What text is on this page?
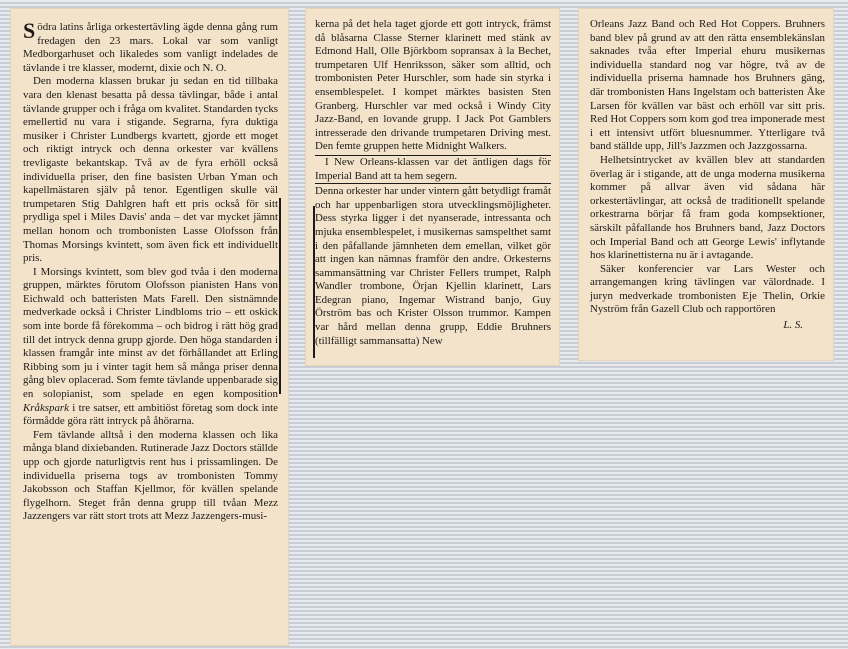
Södra latins årliga orkestertävling ägde denna gång rum fredagen den 23 mars. Lokal var som vanligt Medborgarhuset och likaledes som vanligt indelades de tävlande i tre klasser, modernt, dixie och N. O.

Den moderna klassen brukar ju sedan en tid tillbaka vara den klenast besatta på dessa tävlingar, både i antal tävlande grupper och i fråga om kvalitet. Standarden tycks emellertid nu vara i stigande. Segrarna, fyra duktiga musiker i Christer Lundbergs kvartett, gjorde ett moget och riktigt intryck och denna orkester var kvällens trevligaste bekantskap. Två av de fyra erhöll också individuella priser, den fine basisten Urban Yman och kapellmästaren själv på tenor. Egentligen skulle väl trumpetaren Stig Dahlgren haft ett pris också för sitt prydliga spel i Miles Davis' anda – det var mycket jämnt mellan honom och trombonisten Lasse Olofsson från Thomas Morsings kvintett, som även fick ett individuellt pris.

I Morsings kvintett, som blev god tvåa i den moderna gruppen, märktes förutom Olofsson pianisten Hans von Eichwald och batteristen Mats Farell. Den sistnämnde medverkade också i Christer Lindbloms trio – ett oskick som inte borde få förekomma – och bidrog i rätt hög grad till det intryck denna grupp gjorde. Den höga standarden i klassen framgår inte minst av det förhållandet att Erling Ribbing som ju i vinter tagit hem så många priser denna gång blev oplacerad. Som femte tävlande uppenbarade sig en solopianist, som spelade en egen komposition Kråkspark i tre satser, ett ambitiöst företag som dock inte förmådde göra rätt intryck på åhörarna.

Fem tävlande alltså i den moderna klassen och lika många bland dixiebanden. Rutinerade Jazz Doctors ställde upp och gjorde naturligtvis rent hus i prissamlingen. De individuella priserna togs av trombonisten Tommy Jakobsson och Staffan Kjellmor, för kvällen spelande flygelhorn. Steget från denna grupp till tvåan Mezz Jazzengers var rätt stort trots att Mezz Jazzengers-musi-

kerna på det hela taget gjorde ett gott intryck, främst då blåsarna Classe Sterner klarinett med stänk av Edmond Hall, Olle Björkbom sopransax à la Bechet, trumpetaren Ulf Henriksson, säker som alltid, och trombonisten Peter Hurschler, som hade sin styrka i ensemblespelet. I kompet märktes basisten Sten Granberg. Hurschler var med också i Windy City Jazz-Band, en lovande grupp. I Jack Pot Gamblers intresserade den drivande trumpetaren Driving mest. Den femte gruppen hette Midnight Walkers.

I New Orleans-klassen var det äntligen dags för Imperial Band att ta hem segern.

Denna orkester har under vintern gått betydligt framåt och har uppenbarligen stora utvecklingsmöjligheter. Dess styrka ligger i det nyanserade, intressanta och mjuka ensemblespelet, i musikernas samspelthet samt i den påfallande jämnheten dem emellan, vilket gör att ingen kan nämnas framför den andre. Orkesterns sammansättning var Christer Fellers trumpet, Ralph Wandler trombone, Örjan Kjellin klarinett, Lars Edegran piano, Ingemar Wistrand banjo, Guy Örström bas och Krister Olsson trummor. Kampen var hård mellan denna grupp, Eddie Bruhners (tillfälligt sammansatta) New

Orleans Jazz Band och Red Hot Coppers. Bruhners band blev på grund av att den rätta ensemblekänslan saknades tvåa efter Imperial ehuru musikernas individuella standard nog var högre, två av de individuella priserna hamnade hos Bruhners gäng, där trombonisten Hans Ingelstam och batteristen Åke Larsen för kvällen var bäst och erhöll var sitt pris. Red Hot Coppers som kom god trea imponerade mest i ett intensivt utfört bluesnummer. Ytterligare två band ställde upp, Jill's Jazzmen och Jazzgossarna.

Helhetsintrycket av kvällen blev att standarden överlag är i stigande, att de unga moderna musikerna kommer på allvar även vid sådana här orkestertävlingar, att också de traditionellt spelande orkestrarna börjar få fram goda kompsektioner, särskilt påfallande hos Bruhners band, Jazz Doctors och Imperial Band och att George Lewis' inflytande hos klarinettisterna nu är i avtagande.

Säker konferencier var Lars Wester och arrangemangen kring tävlingen var välordnade. I juryn medverkade trombonisten Eje Thelin, Orkie Nyström från Gazell Club och rapportören

L. S.
